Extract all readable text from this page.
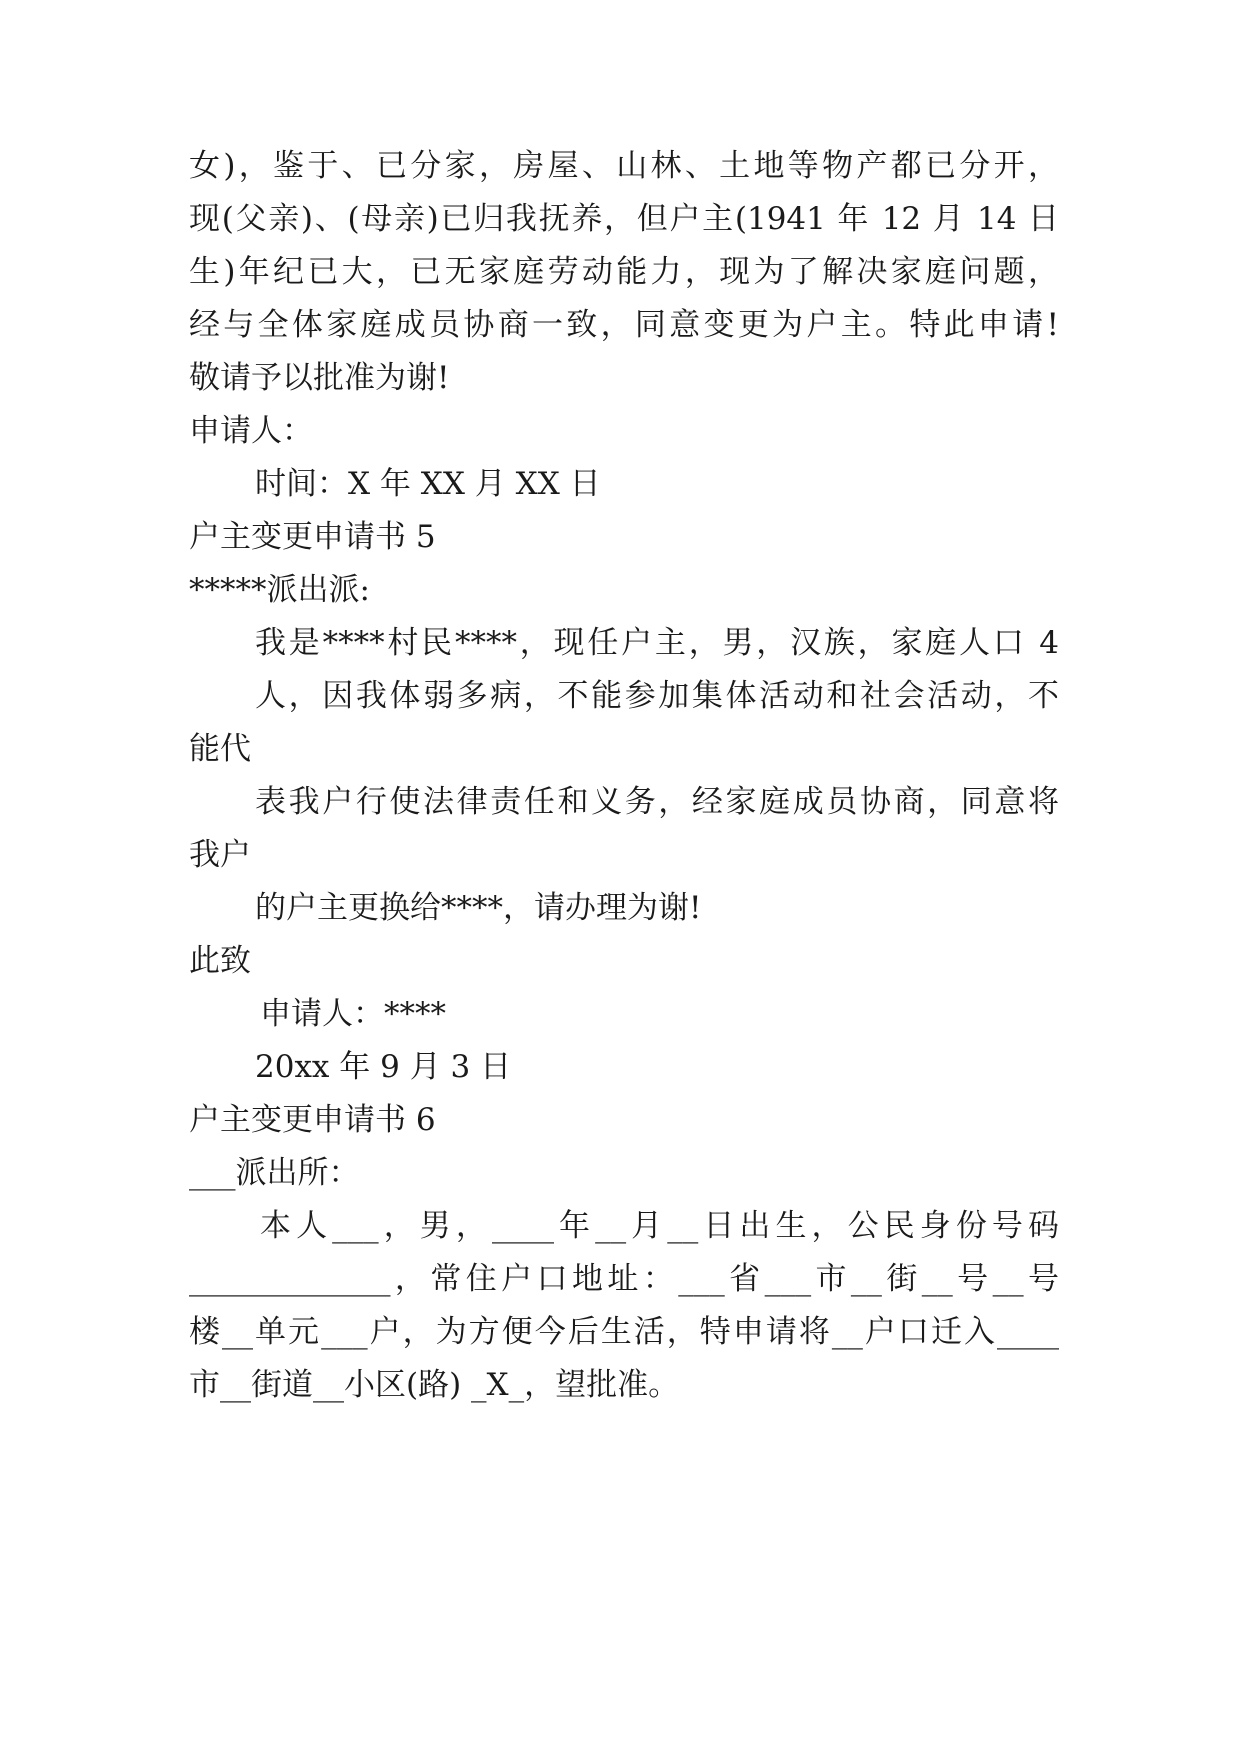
女)，鉴于、已分家，房屋、山林、土地等物产都已分开，
现(父亲)、(母亲)已归我抚养，但户主(1941 年 12 月 14 日
生)年纪已大，已无家庭劳动能力，现为了解决家庭问题，
经与全体家庭成员协商一致，同意变更为户主。特此申请!
敬请予以批准为谢!
申请人：
时间：X 年 XX 月 XX 日
户主变更申请书 5
*****派出派:
我是****村民****，现任户主，男，汉族，家庭人口 4
人，因我体弱多病，不能参加集体活动和社会活动，不
能代
表我户行使法律责任和义务，经家庭成员协商，同意将
我户
的户主更换给****，请办理为谢!
此致
申请人：****
20xx 年 9 月 3 日
户主变更申请书 6
___派出所：
本人___，男，____年__月__日出生，公民身份号码
_____________，常住户口地址：___省___市__街__号__号
楼__单元___户，为方便今后生活，特申请将__户口迁入____
市__街道__小区(路) _X_，望批准。
